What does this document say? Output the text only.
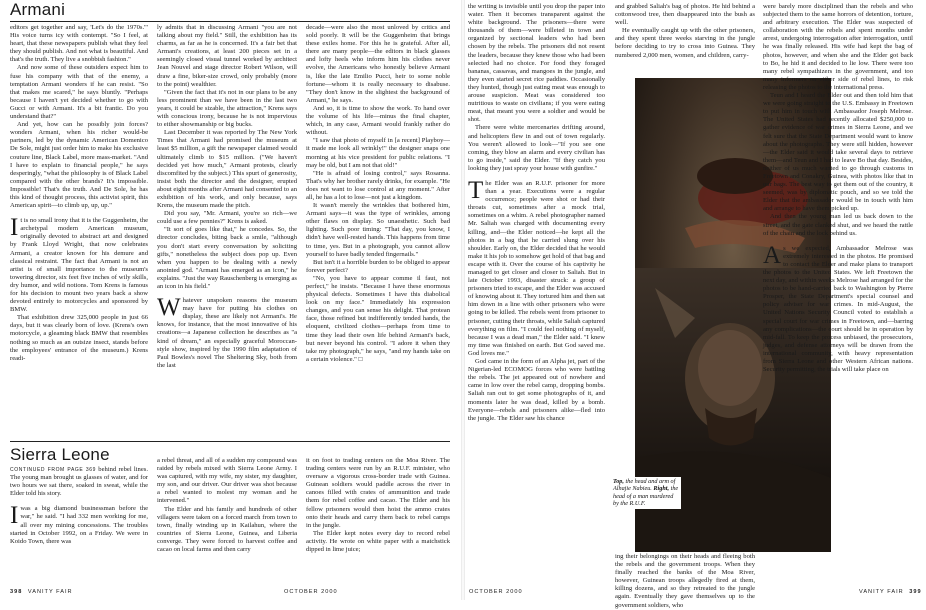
Armani

editors get together and say, 'Let's do the 1970s.'" His voice turns icy with contempt. "So I feel, at heart, that these newspapers publish what they feel they should publish. And not what is beautiful. And that's the truth. They live a snobbish fashion."

And now some of these outsiders expect him to fuse his company with that of the enemy, a temptation Armani wonders if he can resist. "So that makes me scared," he says bluntly. "Perhaps because I haven't yet decided whether to go with Gucci or with Armani. It's a bit frantic. Do you understand that?"

And yet, how can he possibly join forces? wonders Armani, when his richer would-be partners, led by the dynamic American Domenico De Sole, might just order him to make his exclusive couture line, Black Label, more mass-market. "And I have to explain to financial people," he says desperingly, "what the philosophy is of Black Label compared with the other brands? It's impossible. Impossible! That's the truth. And De Sole, he has this kind of thought process, this activist spirit, this American spirit—to climb up, up, up."

It is no small irony that it is the Guggenheim, the archetypal modern American museum, originally devoted to abstract art and designed by Frank Lloyd Wright, that now celebrates Armani, a creator known for his demure and classical restraint. The fact that Armani is not an artist is of small importance to the museum's towering director, six feet five inches of wily skills, dry humor, and wild notions. Tom Krens is famous for his decision to mount two years back a show devoted entirely to motorcycles and sponsored by BMW.

That exhibition drew 325,000 people in just 66 days, but it was clearly born of love. (Krens's own motorcycle, a gleaming black BMW that resembles nothing so much as an outsize insect, stands before the employees' entrance of the museum.) Krens readi-

ly admits that in discussing Armani "you are not talking about my field." Still, the exhibition has its charms, as far as he is concerned. It's a fair bet that Armani's creations, at least 200 pieces set in a seemingly closed visual tunnel worked by architect Jean Nouvel and stage director Robert Wilson, will draw a fine, biker-size crowd, only probably (more to the point) wealthier.

"Given the fact that it's not in our plans to be any less prominent than we have been in the last two years, it could be sizable, the attraction," Krens says with conscious irony, because he is not impervious to either showmanship or big bucks.

Last December it was reported by The New York Times that Armani had promised the museum at least $5 million, a gift the newspaper claimed would ultimately climb to $15 million. ("We haven't decided yet how much," Armani protests, clearly discomfited by the subject.) This spurt of generosity, insist both the director and the designer, erupted about eight months after Armani had consented to an exhibition of his work, and only because, says Krens, the museum made the pitch.

Did you say, "Mr. Armani, you're so rich—we could use a few pennies?" Krens is asked.

"It sort of goes like that," he concedes. So, the director concludes, biting back a smile, "although you don't start every conversation by soliciting gifts," nonetheless the subject does pop up. Even when you happen to be dealing with a newly anointed god. "Armani has emerged as an icon," he explains. "Just the way Rauschenberg is emerging as an icon in his field."

Whatever unspoken reasons the museum may have for putting his clothes on display, these are likely not Armani's. He knows, for instance, that the most innovative of his creations—a Japanese collection he describes as "a kind of dream," an especially graceful Moroccan-style show, inspired by the 1990 film adaptation of Paul Bowles's novel The Sheltering Sky, both from the last

decade—were also the most unloved by critics and sold poorly. It will be the Guggenheim that brings these exiles home. For this he is grateful. After all, there are many people—the editors in black glasses and lofty heels who inform him his clothes never evolve, the Americans who honestly believe Armani is, like the late Emilio Pucci, heir to some noble fortune—whom it is really necessary to disabuse. "They don't know in the slightest the background of Armani," he says.

And so, it is time to show the work. To hand over the volume of his life—minus the final chapter, which, in any case, Armani would frankly rather do without.

"I saw that photo of myself in [a recent] Playboy—it made me look all wrinkly!" the designer snaps one morning at his vice president for public relations. "I may be old, but I am not that old!"

"He is afraid of losing control," says Rosanna. That's why her brother rarely drinks, for example. "He does not want to lose control at any moment." After all, he has a lot to lose—not just a kingdom.

It wasn't merely the wrinkles that bothered him, Armani says—it was the type of wrinkles, among other flaws on display. So unaesthetic. Such bad lighting. Such poor timing: "That day, you know, I didn't have well-rested hands. This happens from time to time, yes. But in a photograph, you cannot allow yourself to have badly tended fingernails."

But isn't it a horrible burden to be obliged to appear forever perfect?

"No, you have to appear comme il faut, not perfect," he insists. "Because I have these enormous physical defects. Sometimes I have this diabolical look on my face." Immediately his expression changes, and you can sense his delight. That protean face, those refined but indifferently tended hands, the eloquent, civilized clothes—perhaps from time to time they lead their own life behind Armani's back, but never beyond his control. "I adore it when they take my photograph," he says, "and my hands take on a certain violence." □

Sierra Leone

CONTINUED FROM PAGE 369 behind rebel lines. The young man brought us glasses of water, and for two hours we sat there, soaked in sweat, while the Elder told his story.

Iwas a big diamond businessman before the war," he said. "I had 332 men working for me, all over my mining concessions. The troubles started in October 1992, on a Friday. We were in Koido Town, there was

a rebel threat, and all of a sudden my compound was raided by rebels mixed with Sierra Leone Army. I was captured, with my wife, my sister, my daughter, my son, and our driver. Our driver was shot because a rebel wanted to molest my woman and he intervened."

The Elder and his family and hundreds of other villagers were taken on a forced march from town to town, finally winding up in Kailahun, where the countries of Sierra Leone, Guinea, and Liberia converge. They were forced to harvest coffee and cacao on local farms and then carry

it on foot to trading centers on the Moa River. The trading centers were run by an R.U.F. minister, who oversaw a vigorous cross-border trade with Guinea. Guinean soldiers would paddle across the river in canoes filled with crates of ammunition and trade them for rebel coffee and cacao. The Elder and his fellow prisoners would then hoist the ammo crates onto their heads and carry them back to rebel camps in the jungle.

The Elder kept notes every day to record rebel activity. He wrote on white paper with a matchstick dipped in lime juice;

398 VANITY FAIR	OCTOBER 2000

the writing is invisible until you drop the paper into water. Then it becomes transparent against the white background. The prisoners—there were thousands of them—were billeted in town and organized by sectional leaders who had been chosen by the rebels. The prisoners did not resent the leaders, because they knew those who had been selected had no choice. For food they foraged bananas, cassavas, and mangoes in the jungle, and they even started secret rice paddies. Occasionally they hunted, though just eating meat was enough to arouse suspicion. Meat was considered too nutritious to waste on civilians; if you were eating meat, that meant you were a soldier and would be shot.

There were white mercenaries drifting around, and helicopters flew in and out of town regularly. You weren't allowed to look—"If you see one coming, they blow an alarm and every civilian has to go inside," said the Elder. "If they catch you looking they just spray your house with gunfire."

The Elder was an R.U.F. prisoner for more than a year. Executions were a regular occurrence; people were shot or had their throats cut, sometimes after a mock trial, sometimes on a whim. A rebel photographer named Mr. Saliah was charged with documenting every killing, and—the Elder noticed—he kept all the photos in a bag that he carried slung over his shoulder. Early on, the Elder decided that he would make it his job to somehow get hold of that bag and escape with it. Over the course of his captivity he managed to get closer and closer to Saliah. But in late October 1993, disaster struck: a group of prisoners tried to escape, and the Elder was accused of knowing about it. They tortured him and then sat him down in a line with other prisoners who were going to be killed. The rebels went from prisoner to prisoner, cutting their throats, while Saliah captured everything on film. "I could feel nothing of myself, because I was a dead man," the Elder said. "I knew my time was finished on earth. But God saved me. God loves me."

God came in the form of an Alpha jet, part of the Nigerian-led ECOMOG forces who were battling the rebels. The jet appeared out of nowhere and came in low over the rebel camp, dropping bombs. Saliah ran out to get some photographs of it, and moments later he was dead, killed by a bomb. Everyone—rebels and prisoners alike—fled into the jungle. The Elder saw his chance

and grabbed Saliah's bag of photos. He hid behind a cottonwood tree, then disappeared into the bush as well.

He eventually caught up with the other prisoners, and they spent three weeks starving in the jungle before deciding to try to cross into Guinea. They numbered 2,000 men, women, and children, carry-

Top, the head and arm of Alhajie Nabieu. Right, the head of a man murdered by the R.U.F.

ing their belongings on their heads and fleeing both the rebels and the government troops. When they finally reached the banks of the Moa River, however, Guinean troops allegedly fired at them, killing dozens, and so they retreated to the jungle again. Eventually they gave themselves up to the government soldiers, who

were barely more disciplined than the rebels and who subjected them to the same horrors of detention, torture, and arbitrary execution. The Elder was suspected of collaboration with the rebels and spent months under arrest, undergoing interrogation after interrogation, until he was finally released. His wife had kept the bag of photos, however, and when she and the Elder got back to Bo, he hid it and decided to lie low. There were too many rebel sympathizers in the government, and too many informers on either side of rebel lines, to risk releasing the photos to the international press.

Teun and I heard the Elder out and then told him that we were going straight to the U.S. Embassy in Freetown to put him in touch with Ambassador Joseph Melrose. The United States had recently allocated $250,000 to gather evidence of war crimes in Sierra Leone, and we felt sure that the State Department would want to know about the photographs. They were still hidden, however—the Elder said it would take several days to retrieve them—and Teun and I had to leave Bo that day. Besides, neither of us much wanted to go through customs in Freetown and Conakry, Guinea, with photos like that in our bags. The best way to get them out of the country, it seemed, was by diplomatic pouch, and so we told the Elder that the ambassador would be in touch with him and arrange to have them picked up.

And then the young man led us back down to the street, and the gate clanked shut, and we heard the rattle of the chain and the lock behind us.

As we expected, Ambassador Melrose was extremely interested in the photos. He promised to contact the Elder and make plans to transport the photos to the United States. We left Freetown the next day, and within weeks Melrose had arranged for the photos to be hand-carried back to Washington by Pierre Prosper, the State Department's special counsel and policy adviser for war crimes. In mid-August, the United Nations Security Council voted to establish a special court for war crimes in Freetown, and—barring any complications—the court should be in operation by mid-fall. To keep the process unbiased, the prosecutors, judges, and defense attorneys will be drawn from the international community, with heavy representation from Sierra Leone and other Western African nations. Security permitting, the trials will take place on

OCTOBER 2000	VANITY FAIR 399
